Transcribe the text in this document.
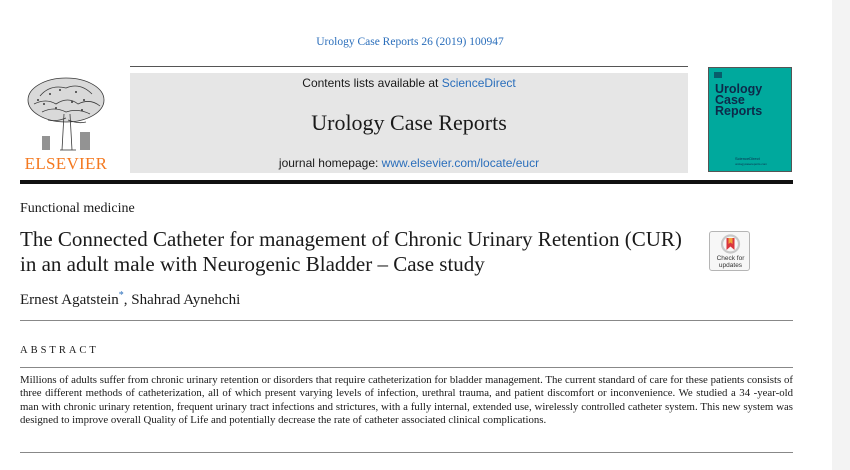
Urology Case Reports 26 (2019) 100947
ELSEVIER
Contents lists available at ScienceDirect
Urology Case Reports
journal homepage: www.elsevier.com/locate/eucr
Urology
Case
Reports
ScienceDirect
urologycasereports.com
Functional medicine
The Connected Catheter for management of Chronic Urinary Retention (CUR) in an adult male with Neurogenic Bladder – Case study
Ernest Agatstein*, Shahrad Aynehchi
Check for
updates
ABSTRACT
Millions of adults suffer from chronic urinary retention or disorders that require catheterization for bladder management. The current standard of care for these patients consists of three different methods of catheterization, all of which present varying levels of infection, urethral trauma, and patient discomfort or inconvenience. We studied a 34 -year-old man with chronic urinary retention, frequent urinary tract infections and strictures, with a fully internal, extended use, wirelessly controlled catheter system. This new system was designed to improve overall Quality of Life and potentially decrease the rate of catheter associated clinical complications.
